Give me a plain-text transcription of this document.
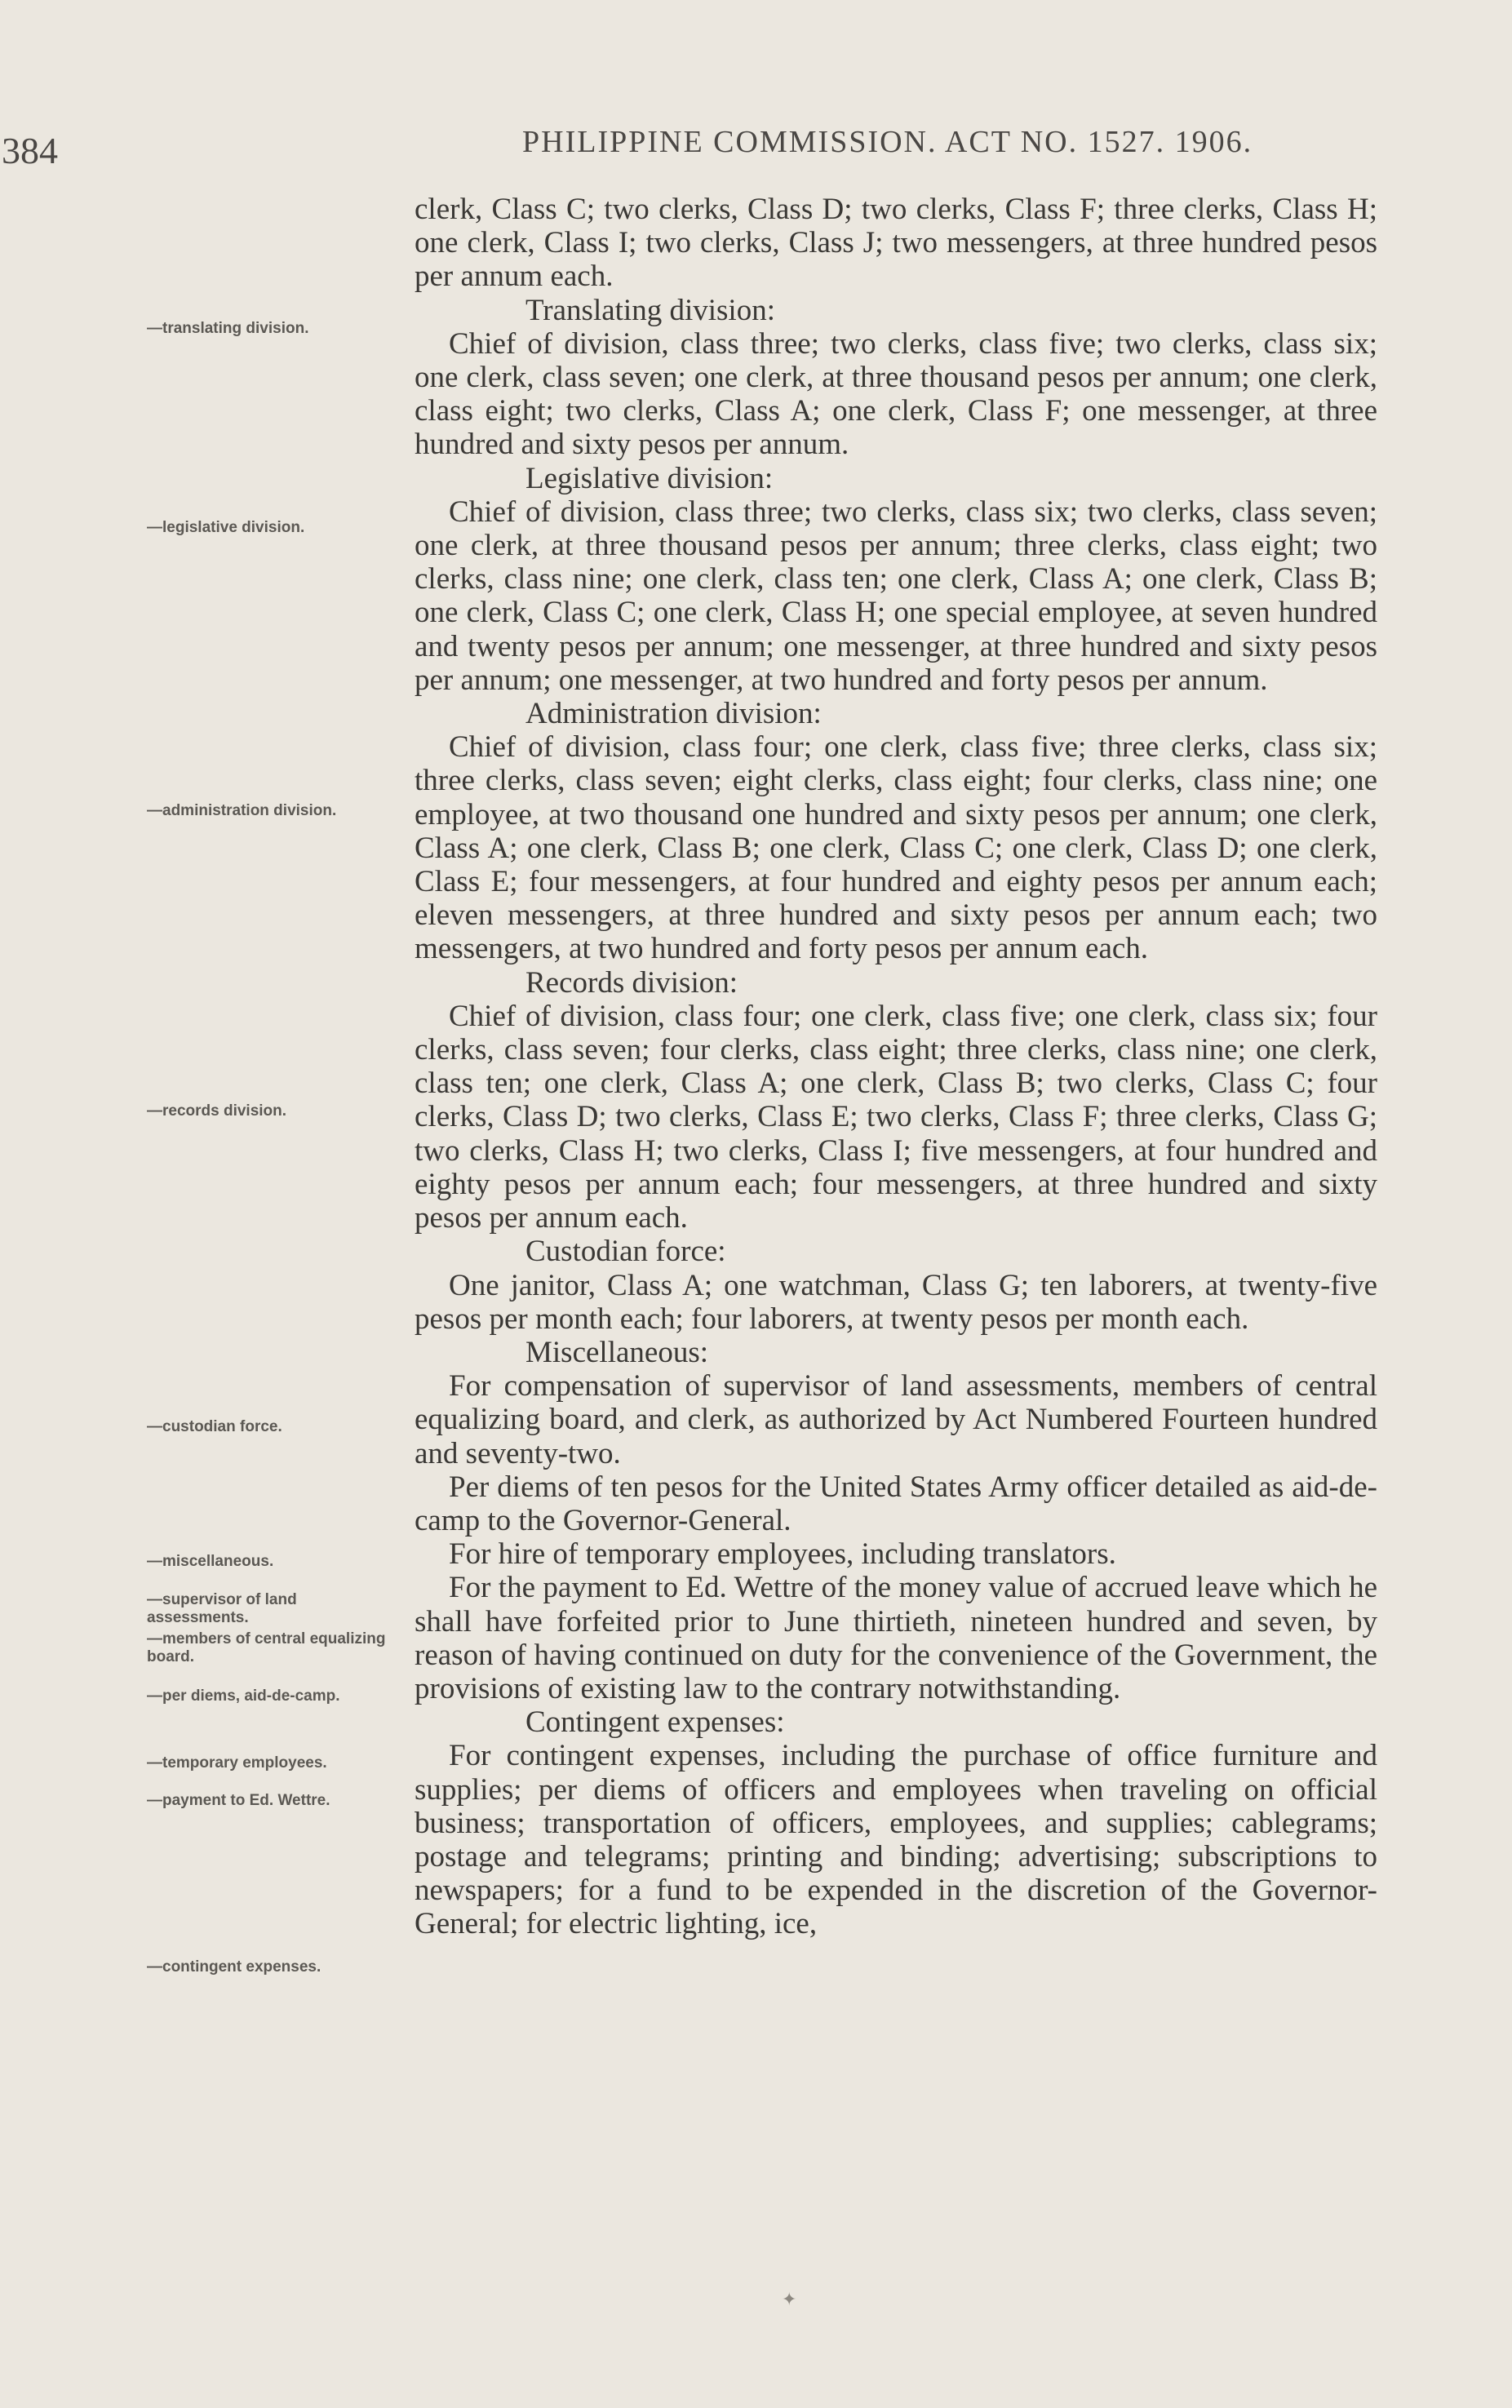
384	PHILIPPINE COMMISSION. ACT NO. 1527. 1906.
—translating division.
—legislative division.
—administration division.
—records division.
—custodian force.
—miscellaneous.
—supervisor of land assessments.
—members of central equalizing board.
—per diems, aid-de-camp.
—temporary employees.
—payment to Ed. Wettre.
—contingent expenses.

clerk, Class C; two clerks, Class D; two clerks, Class F; three clerks, Class H; one clerk, Class I; two clerks, Class J; two messengers, at three hundred pesos per annum each.

Translating division:

Chief of division, class three; two clerks, class five; two clerks, class six; one clerk, class seven; one clerk, at three thousand pesos per annum; one clerk, class eight; two clerks, Class A; one clerk, Class F; one messenger, at three hundred and sixty pesos per annum.

Legislative division:

Chief of division, class three; two clerks, class six; two clerks, class seven; one clerk, at three thousand pesos per annum; three clerks, class eight; two clerks, class nine; one clerk, class ten; one clerk, Class A; one clerk, Class B; one clerk, Class C; one clerk, Class H; one special employee, at seven hundred and twenty pesos per annum; one messenger, at three hundred and sixty pesos per annum; one messenger, at two hundred and forty pesos per annum.

Administration division:

Chief of division, class four; one clerk, class five; three clerks, class six; three clerks, class seven; eight clerks, class eight; four clerks, class nine; one employee, at two thousand one hundred and sixty pesos per annum; one clerk, Class A; one clerk, Class B; one clerk, Class C; one clerk, Class D; one clerk, Class E; four messengers, at four hundred and eighty pesos per annum each; eleven messengers, at three hundred and sixty pesos per annum each; two messengers, at two hundred and forty pesos per annum each.

Records division:

Chief of division, class four; one clerk, class five; one clerk, class six; four clerks, class seven; four clerks, class eight; three clerks, class nine; one clerk, class ten; one clerk, Class A; one clerk, Class B; two clerks, Class C; four clerks, Class D; two clerks, Class E; two clerks, Class F; three clerks, Class G; two clerks, Class H; two clerks, Class I; five messengers, at four hundred and eighty pesos per annum each; four messengers, at three hundred and sixty pesos per annum each.

Custodian force:

One janitor, Class A; one watchman, Class G; ten laborers, at twenty-five pesos per month each; four laborers, at twenty pesos per month each.

Miscellaneous:

For compensation of supervisor of land assessments, members of central equalizing board, and clerk, as authorized by Act Numbered Fourteen hundred and seventy-two.

Per diems of ten pesos for the United States Army officer detailed as aid-de-camp to the Governor-General.

For hire of temporary employees, including translators.

For the payment to Ed. Wettre of the money value of accrued leave which he shall have forfeited prior to June thirtieth, nineteen hundred and seven, by reason of having continued on duty for the convenience of the Government, the provisions of existing law to the contrary notwithstanding.

Contingent expenses:

For contingent expenses, including the purchase of office furniture and supplies; per diems of officers and employees when traveling on official business; transportation of officers, employees, and supplies; cablegrams; postage and telegrams; printing and binding; advertising; subscriptions to newspapers; for a fund to be expended in the discretion of the Governor-General; for electric lighting, ice,

✦
